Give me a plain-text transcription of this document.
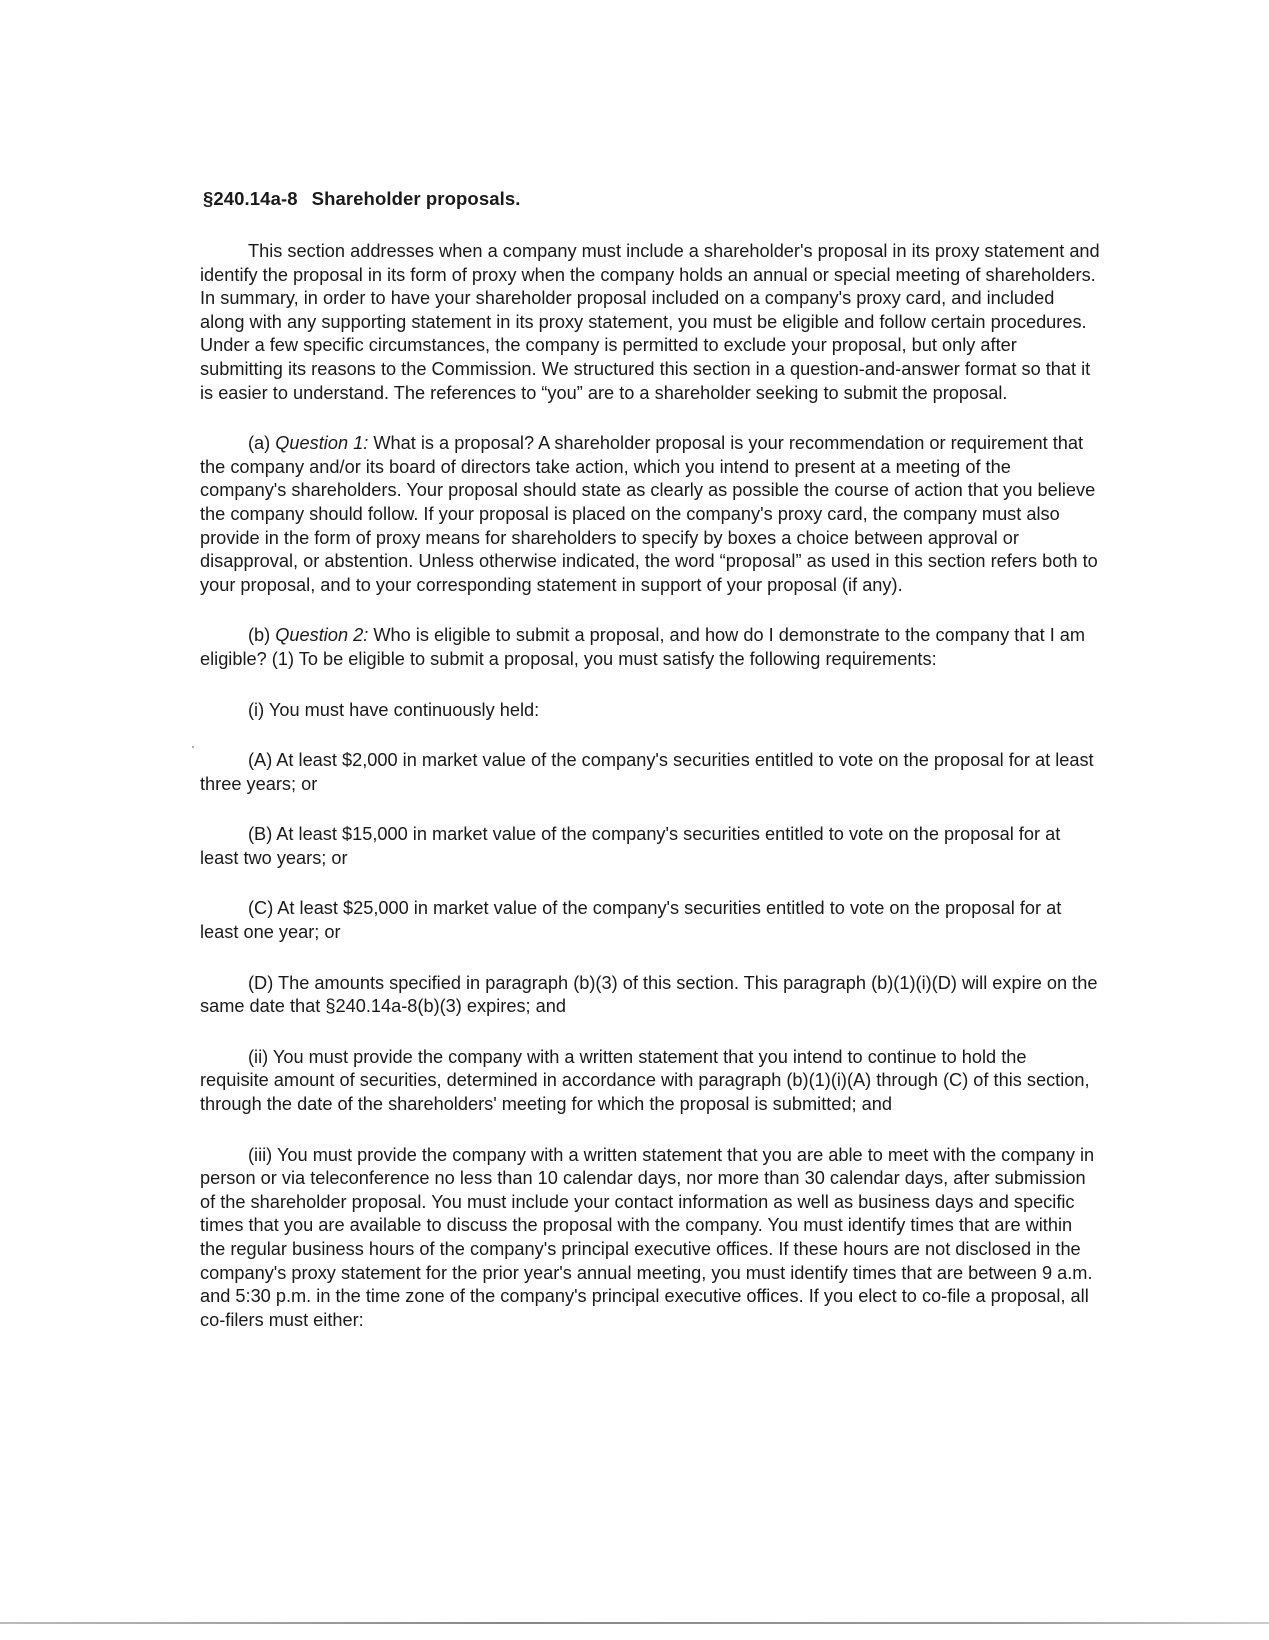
§240.14a-8 Shareholder proposals.

This section addresses when a company must include a shareholder's proposal in its proxy statement and identify the proposal in its form of proxy when the company holds an annual or special meeting of shareholders. In summary, in order to have your shareholder proposal included on a company's proxy card, and included along with any supporting statement in its proxy statement, you must be eligible and follow certain procedures. Under a few specific circumstances, the company is permitted to exclude your proposal, but only after submitting its reasons to the Commission. We structured this section in a question-and-answer format so that it is easier to understand. The references to “you” are to a shareholder seeking to submit the proposal.

(a) Question 1: What is a proposal? A shareholder proposal is your recommendation or requirement that the company and/or its board of directors take action, which you intend to present at a meeting of the company's shareholders. Your proposal should state as clearly as possible the course of action that you believe the company should follow. If your proposal is placed on the company's proxy card, the company must also provide in the form of proxy means for shareholders to specify by boxes a choice between approval or disapproval, or abstention. Unless otherwise indicated, the word “proposal” as used in this section refers both to your proposal, and to your corresponding statement in support of your proposal (if any).

(b) Question 2: Who is eligible to submit a proposal, and how do I demonstrate to the company that I am eligible? (1) To be eligible to submit a proposal, you must satisfy the following requirements:

(i) You must have continuously held:

(A) At least $2,000 in market value of the company's securities entitled to vote on the proposal for at least three years; or

(B) At least $15,000 in market value of the company's securities entitled to vote on the proposal for at least two years; or

(C) At least $25,000 in market value of the company's securities entitled to vote on the proposal for at least one year; or

(D) The amounts specified in paragraph (b)(3) of this section. This paragraph (b)(1)(i)(D) will expire on the same date that §240.14a-8(b)(3) expires; and

(ii) You must provide the company with a written statement that you intend to continue to hold the requisite amount of securities, determined in accordance with paragraph (b)(1)(i)(A) through (C) of this section, through the date of the shareholders' meeting for which the proposal is submitted; and

(iii) You must provide the company with a written statement that you are able to meet with the company in person or via teleconference no less than 10 calendar days, nor more than 30 calendar days, after submission of the shareholder proposal. You must include your contact information as well as business days and specific times that you are available to discuss the proposal with the company. You must identify times that are within the regular business hours of the company's principal executive offices. If these hours are not disclosed in the company's proxy statement for the prior year's annual meeting, you must identify times that are between 9 a.m. and 5:30 p.m. in the time zone of the company's principal executive offices. If you elect to co-file a proposal, all co-filers must either:
